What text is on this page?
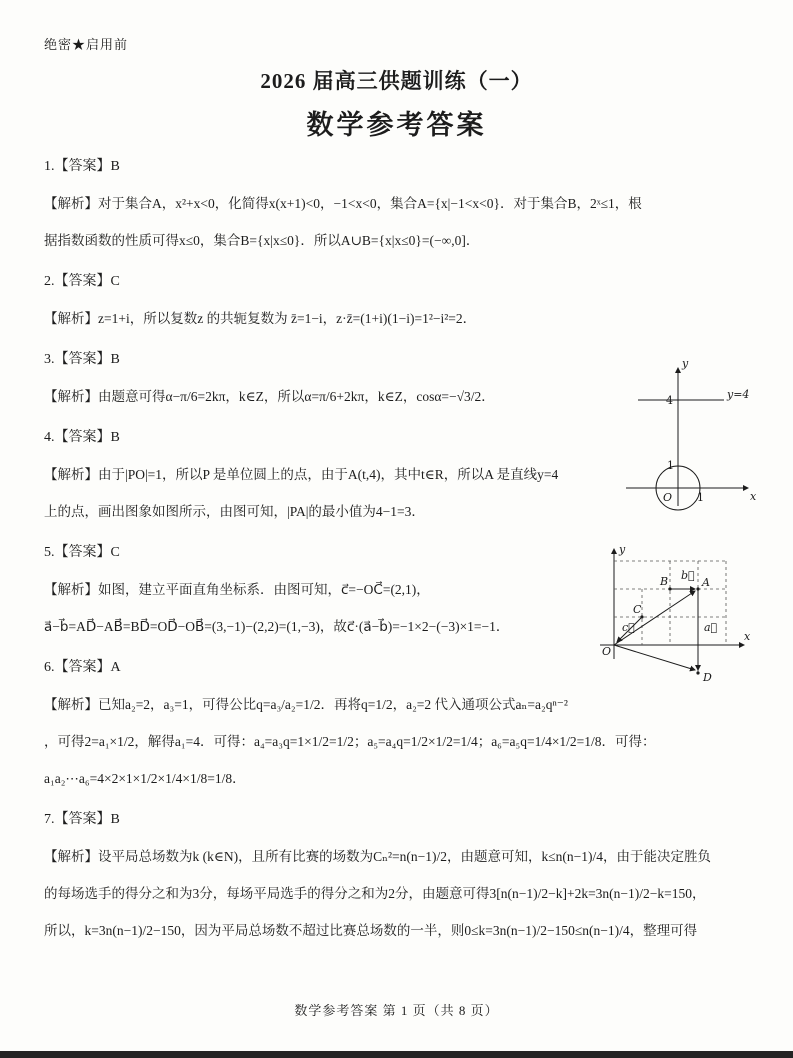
绝密★启用前
2026 届高三供题训练（一）
数学参考答案
1.【答案】B
【解析】对于集合A，x²+x<0，化简得x(x+1)<0，−1<x<0，集合A={x|−1<x<0}．对于集合B，2ˣ≤1，根
据指数函数的性质可得x≤0，集合B={x|x≤0}．所以A∪B={x|x≤0}=(−∞,0]．
2.【答案】C
【解析】z=1+i，所以复数z 的共轭复数为 z̄=1−i，z·z̄=(1+i)(1−i)=1²−i²=2．
3.【答案】B
【解析】由题意可得α−π/6=2kπ，k∈Z，所以α=π/6+2kπ，k∈Z，cosα=−√3/2．
4.【答案】B
【解析】由于|PO|=1，所以P 是单位圆上的点，由于A(t,4)，其中t∈R，所以A 是直线y=4
上的点，画出图象如图所示，由图可知，|PA|的最小值为4−1=3．
5.【答案】C
【解析】如图，建立平面直角坐标系．由图可知，c⃗=−OC⃗=(2,1)，
a⃗−b⃗=AD⃗−AB⃗=BD⃗=OD⃗−OB⃗=(3,−1)−(2,2)=(1,−3)，故c⃗·(a⃗−b⃗)=−1×2−(−3)×1=−1．
6.【答案】A
【解析】已知a₂=2，a₃=1，可得公比q=a₃/a₂=1/2．再将q=1/2，a₂=2 代入通项公式aₙ=a₂qⁿ⁻²
，可得2=a₁×1/2，解得a₁=4．可得：a₄=a₃q=1×1/2=1/2；a₅=a₄q=1/2×1/2=1/4；a₆=a₅q=1/4×1/2=1/8．可得：
a₁a₂⋯a₆=4×2×1×1/2×1/4×1/8=1/8．
7.【答案】B
【解析】设平局总场数为k (k∈N)，且所有比赛的场数为Cₙ²=n(n−1)/2，由题意可知，k≤n(n−1)/4，由于能决定胜负
的每场选手的得分之和为3分，每场平局选手的得分之和为2分，由题意可得3[n(n−1)/2−k]+2k=3n(n−1)/2−k=150，
所以，k=3n(n−1)/2−150，因为平局总场数不超过比赛总场数的一半，则0≤k=3n(n−1)/2−150≤n(n−1)/4，整理可得
y
x
y=4
4
1
1
O
y
x
A
B
C
D
O
a⃗
b⃗
c⃗
数学参考答案 第 1 页（共 8 页）
